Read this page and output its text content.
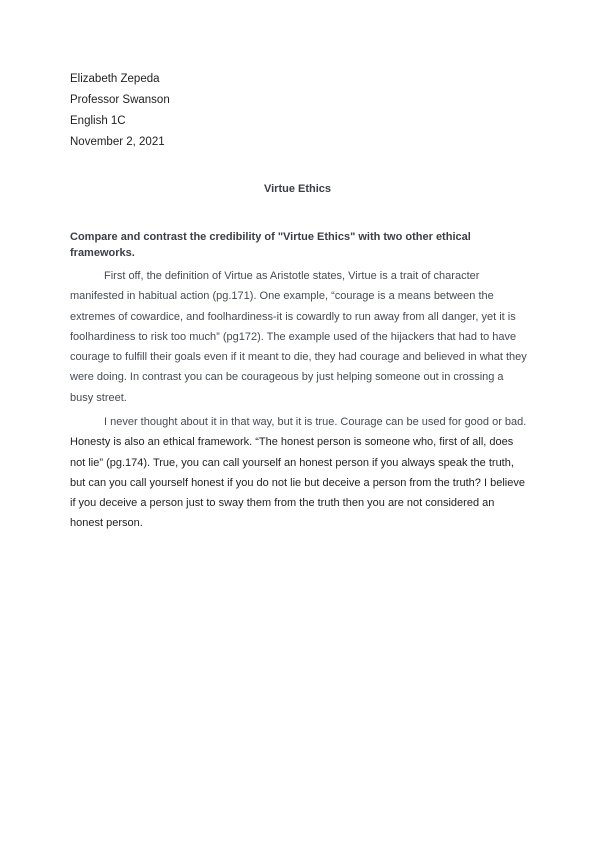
Elizabeth Zepeda
Professor Swanson
English 1C
November 2, 2021
Virtue Ethics
Compare and contrast the credibility of "Virtue Ethics" with two other ethical frameworks.

First off, the definition of Virtue as Aristotle states, Virtue is a trait of character manifested in habitual action (pg.171). One example, “courage is a means between the extremes of cowardice, and foolhardiness-it is cowardly to run away from all danger, yet it is foolhardiness to risk too much” (pg172). The example used of the hijackers that had to have courage to fulfill their goals even if it meant to die, they had courage and believed in what they were doing. In contrast you can be courageous by just helping someone out in crossing a busy street.

I never thought about it in that way, but it is true. Courage can be used for good or bad. Honesty is also an ethical framework. “The honest person is someone who, first of all, does not lie” (pg.174). True, you can call yourself an honest person if you always speak the truth, but can you call yourself honest if you do not lie but deceive a person from the truth? I believe if you deceive a person just to sway them from the truth then you are not considered an honest person.
